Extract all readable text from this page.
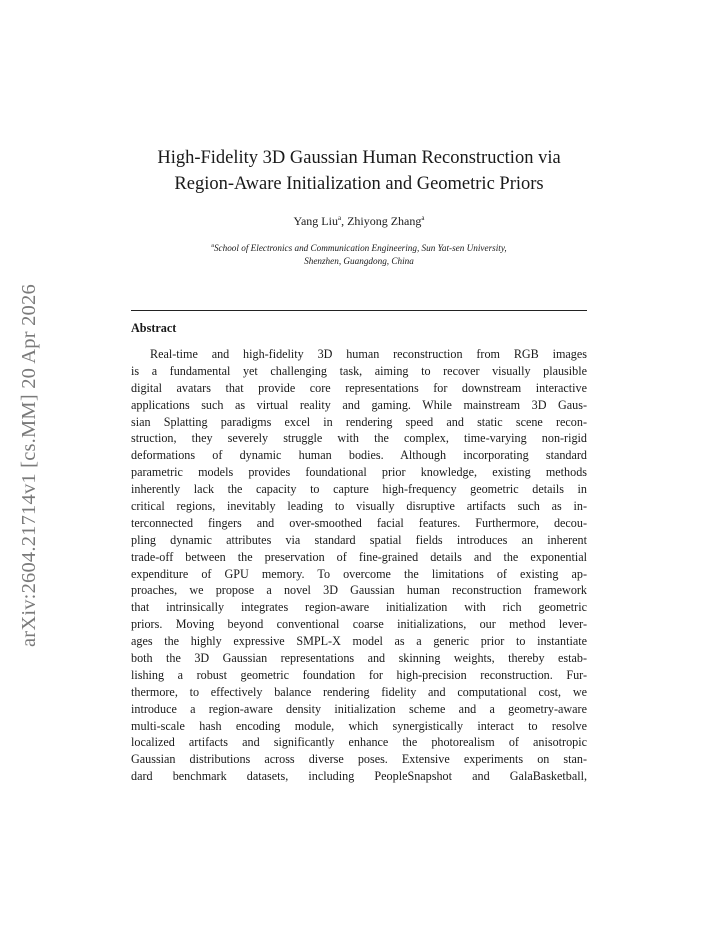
arXiv:2604.21714v1 [cs.MM] 20 Apr 2026
High-Fidelity 3D Gaussian Human Reconstruction via
Region-Aware Initialization and Geometric Priors
Yang Liu$^a$, Zhiyong Zhang$^a$
$^a$School of Electronics and Communication Engineering, Sun Yat-sen University,
Shenzhen, Guangdong, China
Abstract
Real-time and high-fidelity 3D human reconstruction from RGB images
is a fundamental yet challenging task, aiming to recover visually plausible
digital avatars that provide core representations for downstream interactive
applications such as virtual reality and gaming. While mainstream 3D Gaus-
sian Splatting paradigms excel in rendering speed and static scene recon-
struction, they severely struggle with the complex, time-varying non-rigid
deformations of dynamic human bodies. Although incorporating standard
parametric models provides foundational prior knowledge, existing methods
inherently lack the capacity to capture high-frequency geometric details in
critical regions, inevitably leading to visually disruptive artifacts such as in-
terconnected fingers and over-smoothed facial features. Furthermore, decou-
pling dynamic attributes via standard spatial fields introduces an inherent
trade-off between the preservation of fine-grained details and the exponential
expenditure of GPU memory. To overcome the limitations of existing ap-
proaches, we propose a novel 3D Gaussian human reconstruction framework
that intrinsically integrates region-aware initialization with rich geometric
priors. Moving beyond conventional coarse initializations, our method lever-
ages the highly expressive SMPL-X model as a generic prior to instantiate
both the 3D Gaussian representations and skinning weights, thereby estab-
lishing a robust geometric foundation for high-precision reconstruction. Fur-
thermore, to effectively balance rendering fidelity and computational cost, we
introduce a region-aware density initialization scheme and a geometry-aware
multi-scale hash encoding module, which synergistically interact to resolve
localized artifacts and significantly enhance the photorealism of anisotropic
Gaussian distributions across diverse poses. Extensive experiments on stan-
dard benchmark datasets, including PeopleSnapshot and GalaBasketball,
